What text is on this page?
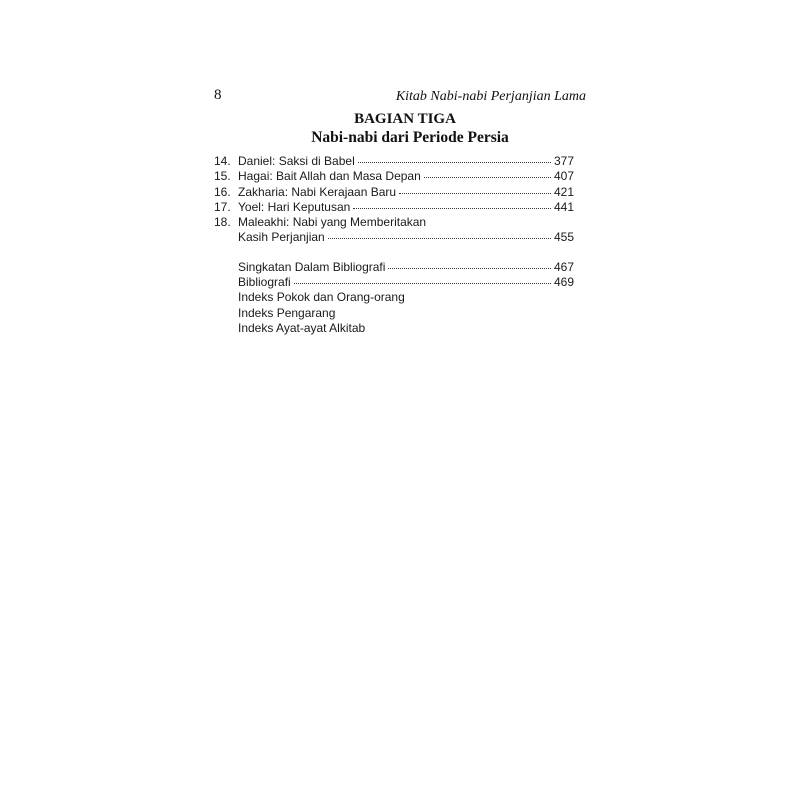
8	Kitab Nabi-nabi Perjanjian Lama
BAGIAN TIGA
Nabi-nabi dari Periode Persia
14. Daniel: Saksi di Babel	377
15. Hagai: Bait Allah dan Masa Depan	407
16. Zakharia: Nabi Kerajaan Baru	421
17. Yoel: Hari Keputusan	441
18. Maleakhi: Nabi yang Memberitakan
Kasih Perjanjian	455
Singkatan Dalam Bibliografi	467
Bibliografi	469
Indeks Pokok dan Orang-orang
Indeks Pengarang
Indeks Ayat-ayat Alkitab
